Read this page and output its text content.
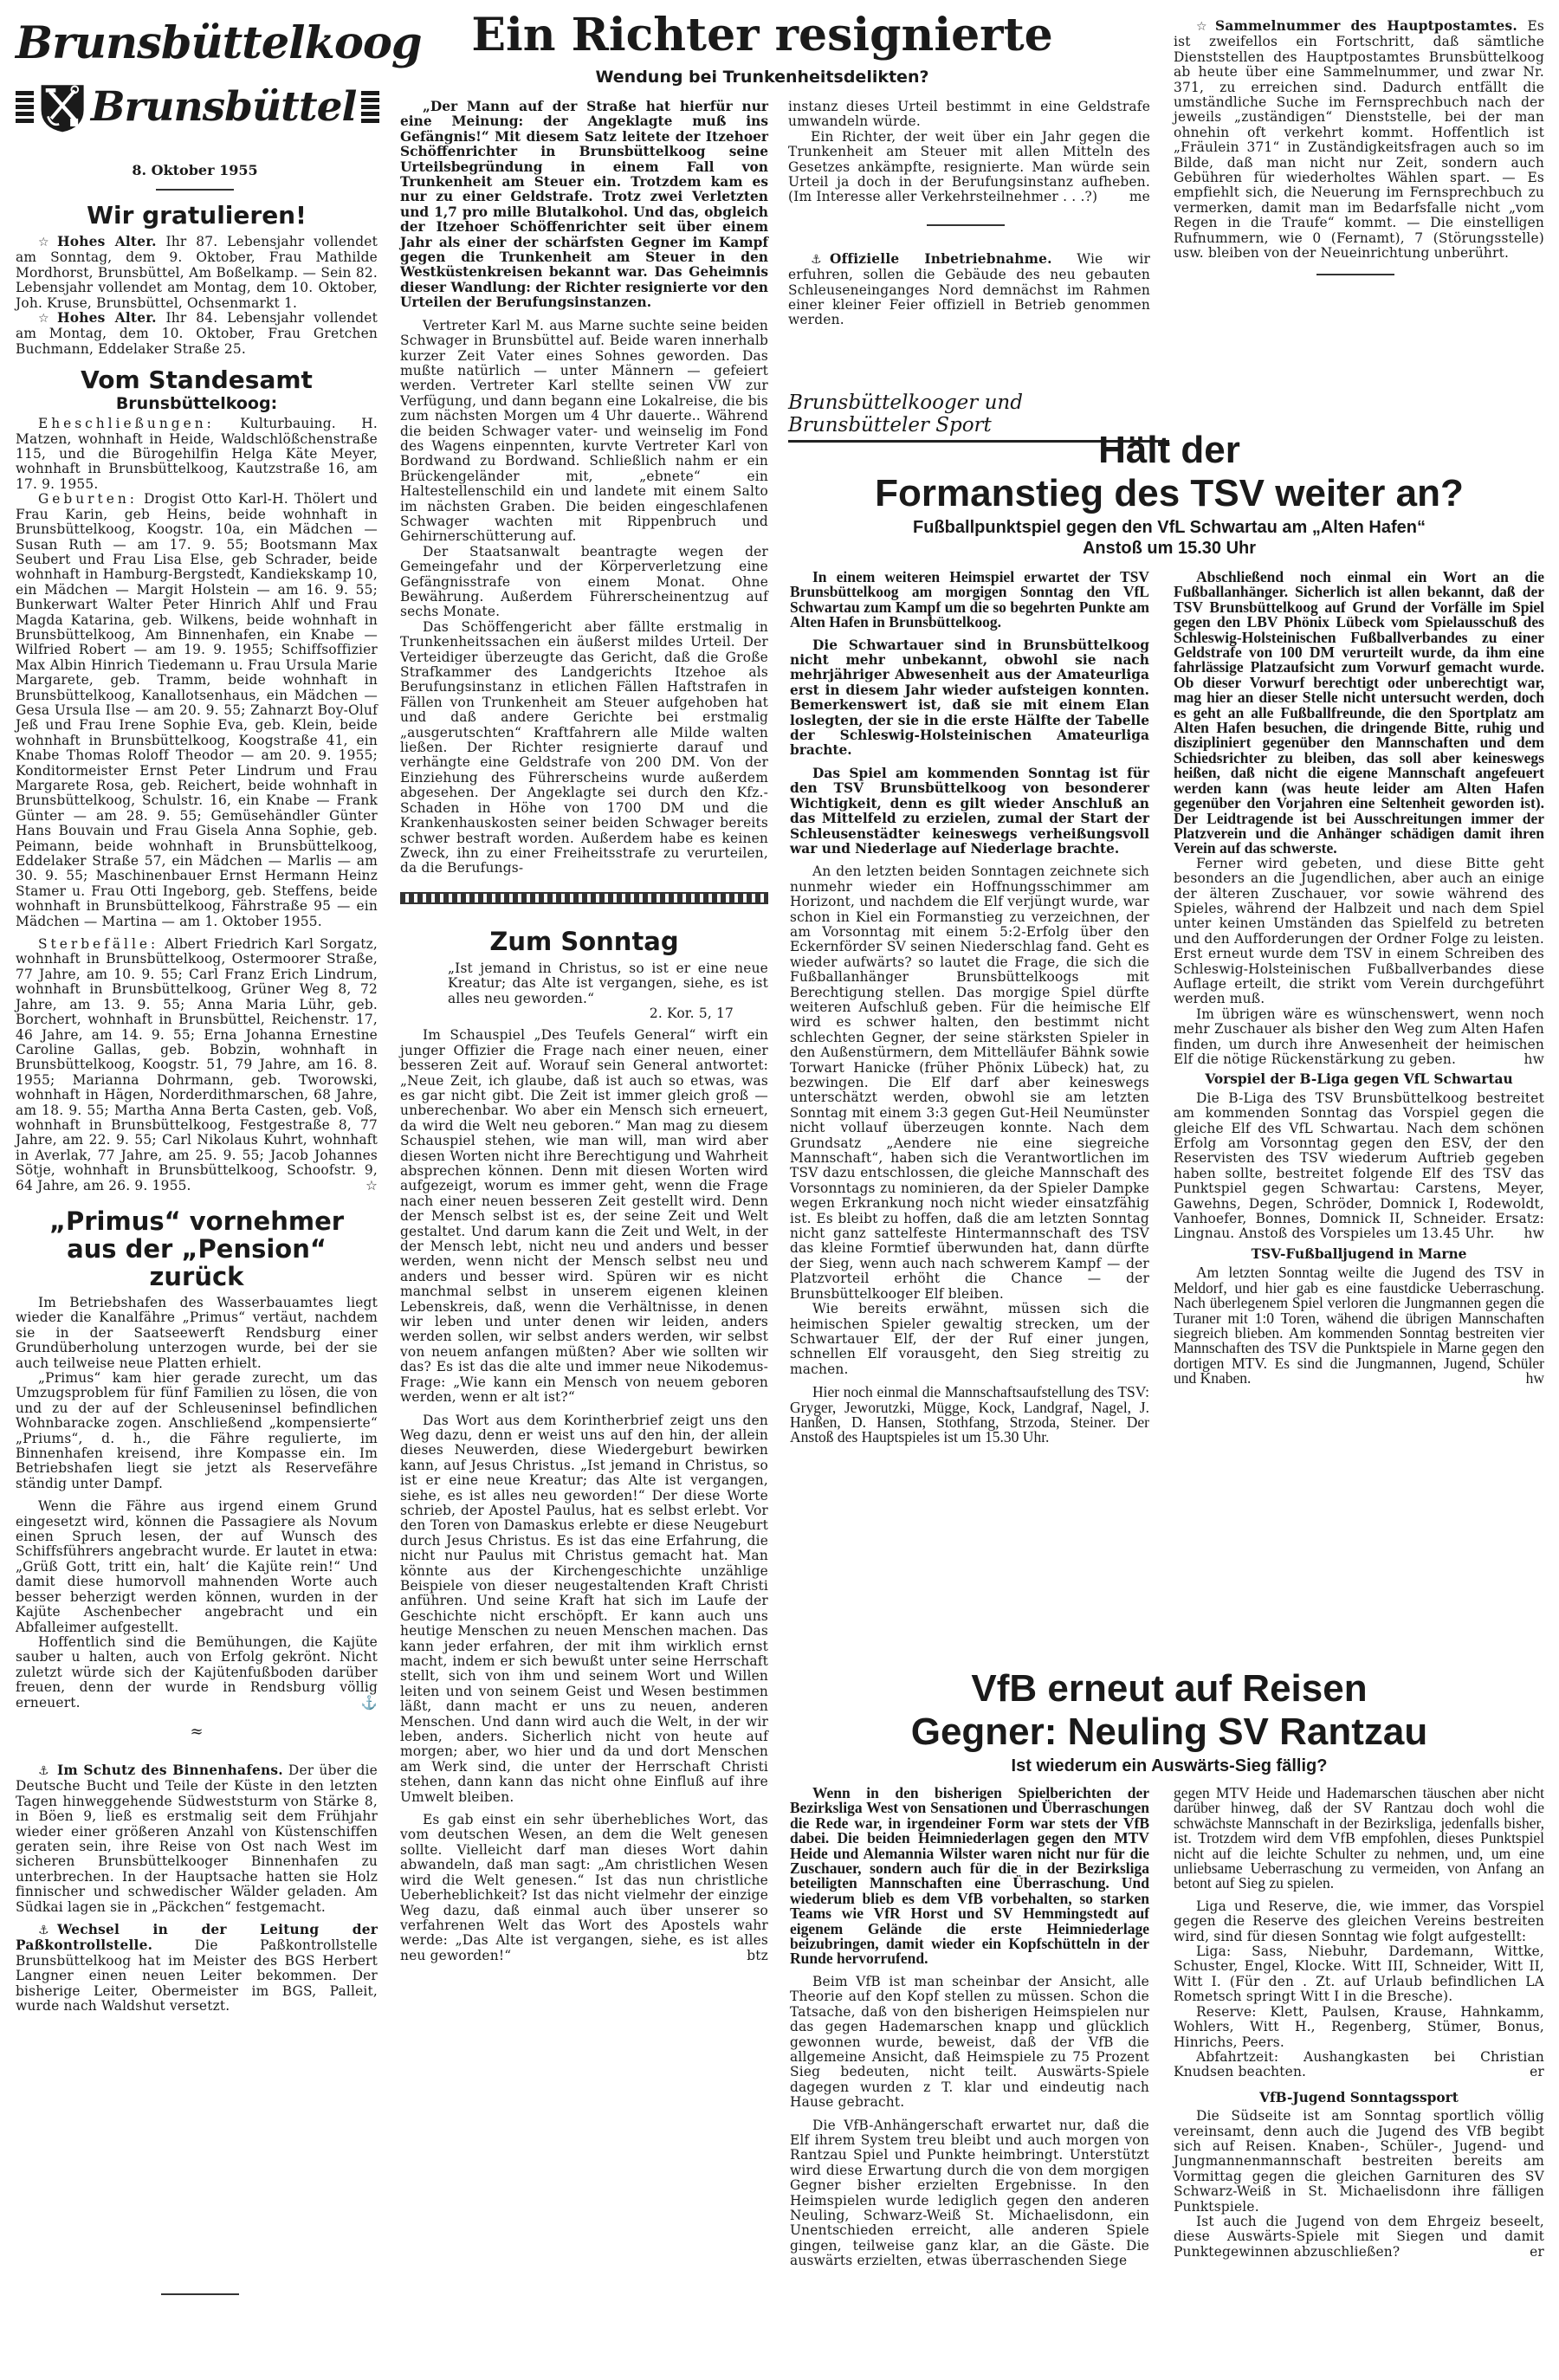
Brunsbüttelkoog
Brunsbüttel
8. Oktober 1955
Wir gratulieren!

☆ Hohes Alter. Ihr 87. Lebensjahr vollendet am Sonntag, dem 9. Oktober, Frau Mathilde Mordhorst, Brunsbüttel, Am Boßelkamp. — Sein 82. Lebensjahr vollendet am Montag, dem 10. Oktober, Joh. Kruse, Brunsbüttel, Ochsenmarkt 1.

☆ Hohes Alter. Ihr 84. Lebensjahr vollendet am Montag, dem 10. Oktober, Frau Gretchen Buchmann, Eddelaker Straße 25.

Vom Standesamt
Brunsbüttelkoog:

Eheschließungen: Kulturbauing. H. Matzen, wohnhaft in Heide, Waldschlößchenstraße 115, und die Bürogehilfin Helga Käte Meyer, wohnhaft in Brunsbüttelkoog, Kautzstraße 16, am 17. 9. 1955.

Geburten: Drogist Otto Karl-H. Thölert und Frau Karin, geb Heins, beide wohnhaft in Brunsbüttelkoog, Koogstr. 10a, ein Mädchen — Susan Ruth — am 17. 9. 55; Bootsmann Max Seubert und Frau Lisa Else, geb Schrader, beide wohnhaft in Hamburg-Bergstedt, Kandiekskamp 10, ein Mädchen — Margit Holstein — am 16. 9. 55; Bunkerwart Walter Peter Hinrich Ahlf und Frau Magda Katarina, geb. Wilkens, beide wohnhaft in Brunsbüttelkoog, Am Binnenhafen, ein Knabe — Wilfried Robert — am 19. 9. 1955; Schiffsoffizier Max Albin Hinrich Tiedemann u. Frau Ursula Marie Margarete, geb. Tramm, beide wohnhaft in Brunsbüttelkoog, Kanallotsenhaus, ein Mädchen — Gesa Ursula Ilse — am 20. 9. 55; Zahnarzt Boy-Oluf Jeß und Frau Irene Sophie Eva, geb. Klein, beide wohnhaft in Brunsbüttelkoog, Koogstraße 41, ein Knabe Thomas Roloff Theodor — am 20. 9. 1955; Konditormeister Ernst Peter Lindrum und Frau Margarete Rosa, geb. Reichert, beide wohnhaft in Brunsbüttelkoog, Schulstr. 16, ein Knabe — Frank Günter — am 28. 9. 55; Gemüsehändler Günter Hans Bouvain und Frau Gisela Anna Sophie, geb. Peimann, beide wohnhaft in Brunsbüttelkoog, Eddelaker Straße 57, ein Mädchen — Marlis — am 30. 9. 55; Maschinenbauer Ernst Hermann Heinz Stamer u. Frau Otti Ingeborg, geb. Steffens, beide wohnhaft in Brunsbüttelkoog, Fährstraße 95 — ein Mädchen — Martina — am 1. Oktober 1955.

Sterbefälle: Albert Friedrich Karl Sorgatz, wohnhaft in Brunsbüttelkoog, Ostermoorer Straße, 77 Jahre, am 10. 9. 55; Carl Franz Erich Lindrum, wohnhaft in Brunsbüttelkoog, Grüner Weg 8, 72 Jahre, am 13. 9. 55; Anna Maria Lühr, geb. Borchert, wohnhaft in Brunsbüttel, Reichenstr. 17, 46 Jahre, am 14. 9. 55; Erna Johanna Ernestine Caroline Gallas, geb. Bobzin, wohnhaft in Brunsbüttelkoog, Koogstr. 51, 79 Jahre, am 16. 8. 1955; Marianna Dohrmann, geb. Tworowski, wohnhaft in Hägen, Norderdithmarschen, 68 Jahre, am 18. 9. 55; Martha Anna Berta Casten, geb. Voß, wohnhaft in Brunsbüttelkoog, Festgestraße 8, 77 Jahre, am 22. 9. 55; Carl Nikolaus Kuhrt, wohnhaft in Averlak, 77 Jahre, am 25. 9. 55; Jacob Johannes Sötje, wohnhaft in Brunsbüttelkoog, Schoofstr. 9, 64 Jahre, am 26. 9. 1955.	☆

„Primus“ vornehmer
aus der „Pension“ zurück

Im Betriebshafen des Wasserbauamtes liegt wieder die Kanalfähre „Primus“ vertäut, nachdem sie in der Saatseewerft Rendsburg einer Grundüberholung unterzogen wurde, bei der sie auch teilweise neue Platten erhielt.

„Primus“ kam hier gerade zurecht, um das Umzugsproblem für fünf Familien zu lösen, die von und zu der auf der Schleuseninsel befindlichen Wohnbaracke zogen. Anschließend „kompensierte“ „Priums“, d. h., die Fähre regulierte, im Binnenhafen kreisend, ihre Kompasse ein. Im Betriebshafen liegt sie jetzt als Reservefähre ständig unter Dampf.

Wenn die Fähre aus irgend einem Grund eingesetzt wird, können die Passagiere als Novum einen Spruch lesen, der auf Wunsch des Schiffsführers angebracht wurde. Er lautet in etwa: „Grüß Gott, tritt ein, halt‘ die Kajüte rein!“ Und damit diese humorvoll mahnenden Worte auch besser beherzigt werden können, wurden in der Kajüte Aschenbecher angebracht und ein Abfalleimer aufgestellt.

Hoffentlich sind die Bemühungen, die Kajüte sauber u halten, auch von Erfolg gekrönt. Nicht zuletzt würde sich der Kajütenfußboden darüber freuen, denn der wurde in Rendsburg völlig erneuert.	⚓

≈

⚓ Im Schutz des Binnenhafens. Der über die Deutsche Bucht und Teile der Küste in den letzten Tagen hinweggehende Südweststurm von Stärke 8, in Böen 9, ließ es erstmalig seit dem Frühjahr wieder einer größeren Anzahl von Küstenschiffen geraten sein, ihre Reise von Ost nach West im sicheren Brunsbüttelkooger Binnenhafen zu unterbrechen. In der Hauptsache hatten sie Holz finnischer und schwedischer Wälder geladen. Am Südkai lagen sie in „Päckchen“ festgemacht.

⚓ Wechsel in der Leitung der Paßkontrollstelle.	Die Paßkontrollstelle Brunsbüttelkoog hat im Meister des BGS Herbert Langner einen neuen Leiter bekommen. Der bisherige Leiter, Obermeister im BGS, Palleit, wurde nach Waldshut versetzt.

Ein Richter resignierte
Wendung bei Trunkenheitsdelikten?

„Der Mann auf der Straße hat hierfür nur eine Meinung: der Angeklagte muß ins Gefängnis!“ Mit diesem Satz leitete der Itzehoer Schöffenrichter in Brunsbüttelkoog seine Urteilsbegründung in einem Fall von Trunkenheit am Steuer ein. Trotzdem kam es nur zu einer Geldstrafe. Trotz zwei Verletzten und 1,7 pro mille Blutalkohol. Und das, obgleich der Itzehoer Schöffenrichter seit über einem Jahr als einer der schärfsten Gegner im Kampf gegen die Trunkenheit am Steuer in den Westküstenkreisen bekannt war. Das Geheimnis dieser Wandlung: der Richter resignierte vor den Urteilen der Berufungsinstanzen.

Vertreter Karl M. aus Marne suchte seine beiden Schwager in Brunsbüttel auf. Beide waren innerhalb kurzer Zeit Vater eines Sohnes geworden. Das mußte natürlich — unter Männern — gefeiert werden. Vertreter Karl stellte seinen VW zur Verfügung, und dann begann eine Lokalreise, die bis zum nächsten Morgen um 4 Uhr dauerte.. Während die beiden Schwager vater- und weinselig im Fond des Wagens einpennten, kurvte Vertreter Karl von Bordwand zu Bordwand. Schließlich nahm er ein Brückengeländer mit, „ebnete“ ein Haltestellenschild ein und landete mit einem Salto im nächsten Graben. Die beiden eingeschlafenen Schwager wachten mit Rippenbruch und Gehirnerschütterung auf.

Der Staatsanwalt beantragte wegen der Gemeingefahr und der Körperverletzung eine Gefängnisstrafe von einem Monat. Ohne Bewährung. Außerdem Führerscheinentzug auf sechs Monate.

Das Schöffengericht aber fällte erstmalig in Trunkenheitssachen ein äußerst mildes Urteil. Der Verteidiger überzeugte das Gericht, daß die Große Strafkammer des Landgerichts Itzehoe als Berufungsinstanz in etlichen Fällen Haftstrafen in Fällen von Trunkenheit am Steuer aufgehoben hat und daß andere Gerichte bei erstmalig „ausgerutschten“ Kraftfahrern alle Milde walten ließen. Der Richter resignierte darauf und verhängte eine Geldstrafe von 200 DM. Von der Einziehung des Führerscheins wurde außerdem abgesehen. Der Angeklagte sei durch den Kfz.-Schaden in Höhe von 1700 DM und die Krankenhauskosten seiner beiden Schwager bereits schwer bestraft worden. Außerdem habe es keinen Zweck, ihn zu einer Freiheitsstrafe zu verurteilen, da die Berufungs-

Zum Sonntag
„Ist jemand in Christus, so ist er eine neue Kreatur; das Alte ist vergangen, siehe, es ist alles neu geworden.“
2. Kor. 5, 17

Im Schauspiel „Des Teufels General“ wirft ein junger Offizier die Frage nach einer neuen, einer besseren Zeit auf. Worauf sein General antwortet: „Neue Zeit, ich glaube, daß ist auch so etwas, was es gar nicht gibt. Die Zeit ist immer gleich groß — unberechenbar. Wo aber ein Mensch sich erneuert, da wird die Welt neu geboren.“ Man mag zu diesem Schauspiel stehen, wie man will, man wird aber diesen Worten nicht ihre Berechtigung und Wahrheit absprechen können. Denn mit diesen Worten wird aufgezeigt, worum es immer geht, wenn die Frage nach einer neuen besseren Zeit gestellt wird. Denn der Mensch selbst ist es, der seine Zeit und Welt gestaltet. Und darum kann die Zeit und Welt, in der der Mensch lebt, nicht neu und anders und besser werden, wenn nicht der Mensch selbst neu und anders und besser wird. Spüren wir es nicht manchmal selbst in unserem eigenen kleinen Lebenskreis, daß, wenn die Verhältnisse, in denen wir leben und unter denen wir leiden, anders werden sollen, wir selbst anders werden, wir selbst von neuem anfangen müßten? Aber wie sollten wir das? Es ist das die alte und immer neue Nikodemus-Frage: „Wie kann ein Mensch von neuem geboren werden, wenn er alt ist?“

Das Wort aus dem Korintherbrief zeigt uns den Weg dazu, denn er weist uns auf den hin, der allein dieses Neuwerden, diese Wiedergeburt bewirken kann, auf Jesus Christus. „Ist jemand in Christus, so ist er eine neue Kreatur; das Alte ist vergangen, siehe, es ist alles neu geworden!“ Der diese Worte schrieb, der Apostel Paulus, hat es selbst erlebt. Vor den Toren von Damaskus erlebte er diese Neugeburt durch Jesus Christus. Es ist das eine Erfahrung, die nicht nur Paulus mit Christus gemacht hat. Man könnte aus der Kirchengeschichte unzählige Beispiele von dieser neugestaltenden Kraft Christi anführen. Und seine Kraft hat sich im Laufe der Geschichte nicht erschöpft. Er kann auch uns heutige Menschen zu neuen Menschen machen. Das kann jeder erfahren, der mit ihm wirklich ernst macht, indem er sich bewußt unter seine Herrschaft stellt, sich von ihm und seinem Wort und Willen leiten und von seinem Geist und Wesen bestimmen läßt, dann macht er uns zu neuen, anderen Menschen. Und dann wird auch die Welt, in der wir leben, anders. Sicherlich nicht von heute auf morgen; aber, wo hier und da und dort Menschen am Werk sind, die unter der Herrschaft Christi stehen, dann kann das nicht ohne Einfluß auf ihre Umwelt bleiben.

Es gab einst ein sehr überhebliches Wort, das vom deutschen Wesen, an dem die Welt genesen sollte. Vielleicht darf man dieses Wort dahin abwandeln, daß man sagt: „Am christlichen Wesen wird die Welt genesen.“ Ist das nun christliche Ueberheblichkeit? Ist das nicht vielmehr der einzige Weg dazu, daß einmal auch über unserer so verfahrenen Welt das Wort des Apostels wahr werde: „Das Alte ist vergangen, siehe, es ist alles neu geworden!“	btz

instanz dieses Urteil bestimmt in eine Geldstrafe umwandeln würde.

Ein Richter, der weit über ein Jahr gegen die Trunkenheit am Steuer mit allen Mitteln des Gesetzes ankämpfte, resignierte. Man würde sein Urteil ja doch in der Berufungsinstanz aufheben. (Im Interesse aller Verkehrsteilnehmer . . .?)	me

⚓ Offizielle Inbetriebnahme. Wie wir erfuhren, sollen die Gebäude des neu gebauten Schleuseneinganges Nord demnächst im Rahmen einer kleiner Feier offiziell in Betrieb genommen werden.

☆ Sammelnummer des Hauptpostamtes. Es ist zweifellos ein Fortschritt, daß sämtliche Dienststellen des Hauptpostamtes Brunsbüttelkoog ab heute über eine Sammelnummer, und zwar Nr. 371, zu erreichen sind. Dadurch entfällt die umständliche Suche im Fernsprechbuch nach der jeweils „zuständigen“ Dienststelle, bei der man ohnehin oft verkehrt kommt. Hoffentlich ist „Fräulein 371“ in Zuständigkeitsfragen auch so im Bilde, daß man nicht nur Zeit, sondern auch Gebühren für wiederholtes Wählen spart. — Es empfiehlt sich, die Neuerung im Fernsprechbuch zu vermerken, damit man im Bedarfsfalle nicht „vom Regen in die Traufe“ kommt. — Die einstelligen Rufnummern, wie 0 (Fernamt), 7 (Störungsstelle) usw. bleiben von der Neueinrichtung unberührt.

Brunsbüttelkooger und Brunsbütteler Sport
Hält der
Formanstieg des TSV weiter an?
Fußballpunktspiel gegen den VfL Schwartau am „Alten Hafen“
Anstoß um 15.30 Uhr

In einem weiteren Heimspiel erwartet der TSV Brunsbüttelkoog am morgigen Sonntag den VfL Schwartau zum Kampf um die so begehrten Punkte am Alten Hafen in Brunsbüttelkoog.

Die Schwartauer sind in Brunsbüttelkoog nicht mehr unbekannt, obwohl sie nach mehrjähriger Abwesenheit aus der Amateurliga erst in diesem Jahr wieder aufsteigen konnten. Bemerkenswert ist, daß sie mit einem Elan loslegten, der sie in die erste Hälfte der Tabelle der Schleswig-Holsteinischen Amateurliga brachte.

Das Spiel am kommenden Sonntag ist für den TSV Brunsbüttelkoog von besonderer Wichtigkeit, denn es gilt wieder Anschluß an das Mittelfeld zu erzielen, zumal der Start der Schleusenstädter keineswegs verheißungsvoll war und Niederlage auf Niederlage brachte.

An den letzten beiden Sonntagen zeichnete sich nunmehr wieder ein Hoffnungsschimmer am Horizont, und nachdem die Elf verjüngt wurde, war schon in Kiel ein Formanstieg zu verzeichnen, der am Vorsonntag mit einem 5:2-Erfolg über den Eckernförder SV seinen Niederschlag fand. Geht es wieder aufwärts? so lautet die Frage, die sich die Fußballanhänger Brunsbüttelkoogs mit Berechtigung stellen. Das morgige Spiel dürfte weiteren Aufschluß geben. Für die heimische Elf wird es schwer halten, den bestimmt nicht schlechten Gegner, der seine stärksten Spieler in den Außenstürmern, dem Mittelläufer Bähnk sowie Torwart Hanicke (früher Phönix Lübeck) hat, zu bezwingen. Die Elf darf aber keineswegs unterschätzt werden, obwohl sie am letzten Sonntag mit einem 3:3 gegen Gut-Heil Neumünster nicht vollauf überzeugen konnte. Nach dem Grundsatz „Aendere nie eine siegreiche Mannschaft“, haben sich die Verantwortlichen im TSV dazu entschlossen, die gleiche Mannschaft des Vorsonntags zu nominieren, da der Spieler Dampke wegen Erkrankung noch nicht wieder einsatzfähig ist. Es bleibt zu hoffen, daß die am letzten Sonntag nicht ganz sattelfeste Hintermannschaft des TSV das kleine Formtief überwunden hat, dann dürfte der Sieg, wenn auch nach schwerem Kampf — der Platzvorteil erhöht die Chance — der Brunsbüttelkooger Elf bleiben.

Wie bereits erwähnt, müssen sich die heimischen Spieler gewaltig strecken, um der Schwartauer Elf, der der Ruf einer jungen, schnellen Elf vorausgeht, den Sieg streitig zu machen.

Hier noch einmal die Mannschaftsaufstellung des TSV: Gryger, Jeworutzki, Mügge, Kock, Landgraf, Nagel, J. Hanßen, D. Hansen, Stothfang, Strzoda, Steiner. Der Anstoß des Hauptspieles ist um 15.30 Uhr.

Abschließend noch einmal ein Wort an die Fußballanhänger. Sicherlich ist allen bekannt, daß der TSV Brunsbüttelkoog auf Grund der Vorfälle im Spiel gegen den LBV Phönix Lübeck vom Spielausschuß des Schleswig-Holsteinischen Fußballverbandes zu einer Geldstrafe von 100 DM verurteilt wurde, da ihm eine fahrlässige Platzaufsicht zum Vorwurf gemacht wurde. Ob dieser Vorwurf berechtigt oder unberechtigt war, mag hier an dieser Stelle nicht untersucht werden, doch es geht an alle Fußballfreunde, die den Sportplatz am Alten Hafen besuchen, die dringende Bitte, ruhig und diszipliniert gegenüber den Mannschaften und dem Schiedsrichter zu bleiben, das soll aber keineswegs heißen, daß nicht die eigene Mannschaft angefeuert werden kann (was heute leider am Alten Hafen gegenüber den Vorjahren eine Seltenheit geworden ist). Der Leidtragende ist bei Ausschreitungen immer der Platzverein und die Anhänger schädigen damit ihren Verein auf das schwerste.

Ferner wird gebeten, und diese Bitte geht besonders an die Jugendlichen, aber auch an einige der älteren Zuschauer, vor sowie während des Spieles, während der Halbzeit und nach dem Spiel unter keinen Umständen das Spielfeld zu betreten und den Aufforderungen der Ordner Folge zu leisten. Erst erneut wurde dem TSV in einem Schreiben des Schleswig-Holsteinischen Fußballverbandes diese Auflage erteilt, die strikt vom Verein durchgeführt werden muß.

Im übrigen wäre es wünschenswert, wenn noch mehr Zuschauer als bisher den Weg zum Alten Hafen finden, um durch ihre Anwesenheit der heimischen Elf die nötige Rückenstärkung zu geben.	hw

Vorspiel der B-Liga gegen VfL Schwartau

Die B-Liga des TSV Brunsbüttelkoog bestreitet am kommenden Sonntag das Vorspiel gegen die gleiche Elf des VfL Schwartau. Nach dem schönen Erfolg am Vorsonntag gegen den ESV, der den Reservisten des TSV wiederum Auftrieb gegeben haben sollte, bestreitet folgende Elf des TSV das Punktspiel gegen Schwartau: Carstens, Meyer, Gawehns, Degen, Schröder, Domnick I, Rodewoldt, Vanhoefer, Bonnes, Domnick II, Schneider. Ersatz: Lingnau. Anstoß des Vorspieles um 13.45 Uhr.	hw

TSV-Fußballjugend in Marne

Am letzten Sonntag weilte die Jugend des TSV in Meldorf, und hier gab es eine faustdicke Ueberraschung. Nach überlegenem Spiel verloren die Jungmannen gegen die Turaner mit 1:0 Toren, wähend die übrigen Mannschaften siegreich blieben. Am kommenden Sonntag bestreiten vier Mannschaften des TSV die Punktspiele in Marne gegen den dortigen MTV. Es sind die Jungmannen, Jugend, Schüler und Knaben.	hw

VfB erneut auf Reisen
Gegner: Neuling SV Rantzau
Ist wiederum ein Auswärts-Sieg fällig?

Wenn in den bisherigen Spielberichten der Bezirksliga West von Sensationen und Überraschungen die Rede war, in irgendeiner Form war stets der VfB dabei. Die beiden Heimniederlagen gegen den MTV Heide und Alemannia Wilster waren nicht nur für die Zuschauer, sondern auch für die in der Bezirksliga beteiligten Mannschaften eine Überraschung. Und wiederum blieb es dem VfB vorbehalten, so starken Teams wie VfR Horst und SV Hemmingstedt auf eigenem Gelände die erste Heimniederlage beizubringen, damit wieder ein Kopfschütteln in der Runde hervorrufend.

Beim VfB ist man scheinbar der Ansicht, alle Theorie auf den Kopf stellen zu müssen. Schon die Tatsache, daß von den bisherigen Heimspielen nur das gegen Hademarschen knapp und glücklich gewonnen wurde, beweist, daß der VfB die allgemeine Ansicht, daß Heimspiele zu 75 Prozent Sieg bedeuten, nicht teilt. Auswärts-Spiele dagegen wurden z T. klar und eindeutig nach Hause gebracht.

Die VfB-Anhängerschaft erwartet nur, daß die Elf ihrem System treu bleibt und auch morgen von Rantzau Spiel und Punkte heimbringt. Unterstützt wird diese Erwartung durch die von dem morgigen Gegner bisher erzielten Ergebnisse. In den Heimspielen wurde lediglich gegen den anderen Neuling, Schwarz-Weiß St. Michaelisdonn, ein Unentschieden erreicht, alle anderen Spiele gingen, teilweise ganz klar, an die Gäste. Die auswärts erzielten, etwas überraschenden Siege

gegen MTV Heide und Hademarschen täuschen aber nicht darüber hinweg, daß der SV Rantzau doch wohl die schwächste Mannschaft in der Bezirksliga, jedenfalls bisher, ist. Trotzdem wird dem VfB empfohlen, dieses Punktspiel nicht auf die leichte Schulter zu nehmen, und, um eine unliebsame Ueberraschung zu vermeiden, von Anfang an betont auf Sieg zu spielen.

Liga und Reserve, die, wie immer, das Vorspiel gegen die Reserve des gleichen Vereins bestreiten wird, sind für diesen Sonntag wie folgt aufgestellt:

Liga: Sass, Niebuhr, Dardemann, Wittke, Schuster, Engel, Klocke. Witt III, Schneider, Witt II, Witt I. (Für den . Zt. auf Urlaub befindlichen LA Rometsch springt Witt I in die Bresche).

Reserve: Klett, Paulsen, Krause, Hahnkamm, Wohlers, Witt H., Regenberg, Stümer, Bonus, Hinrichs, Peers.

Abfahrtzeit: Aushangkasten bei Christian Knudsen beachten.	er

VfB-Jugend Sonntagssport

Die Südseite ist am Sonntag sportlich völlig vereinsamt, denn auch die Jugend des VfB begibt sich auf Reisen. Knaben-, Schüler-, Jugend- und Jungmannenmannschaft bestreiten bereits am Vormittag gegen die gleichen Garnituren des SV Schwarz-Weiß in St. Michaelisdonn ihre fälligen Punktspiele.

Ist auch die Jugend von dem Ehrgeiz beseelt, diese Auswärts-Spiele mit Siegen und damit Punktegewinnen abzuschließen?	er
